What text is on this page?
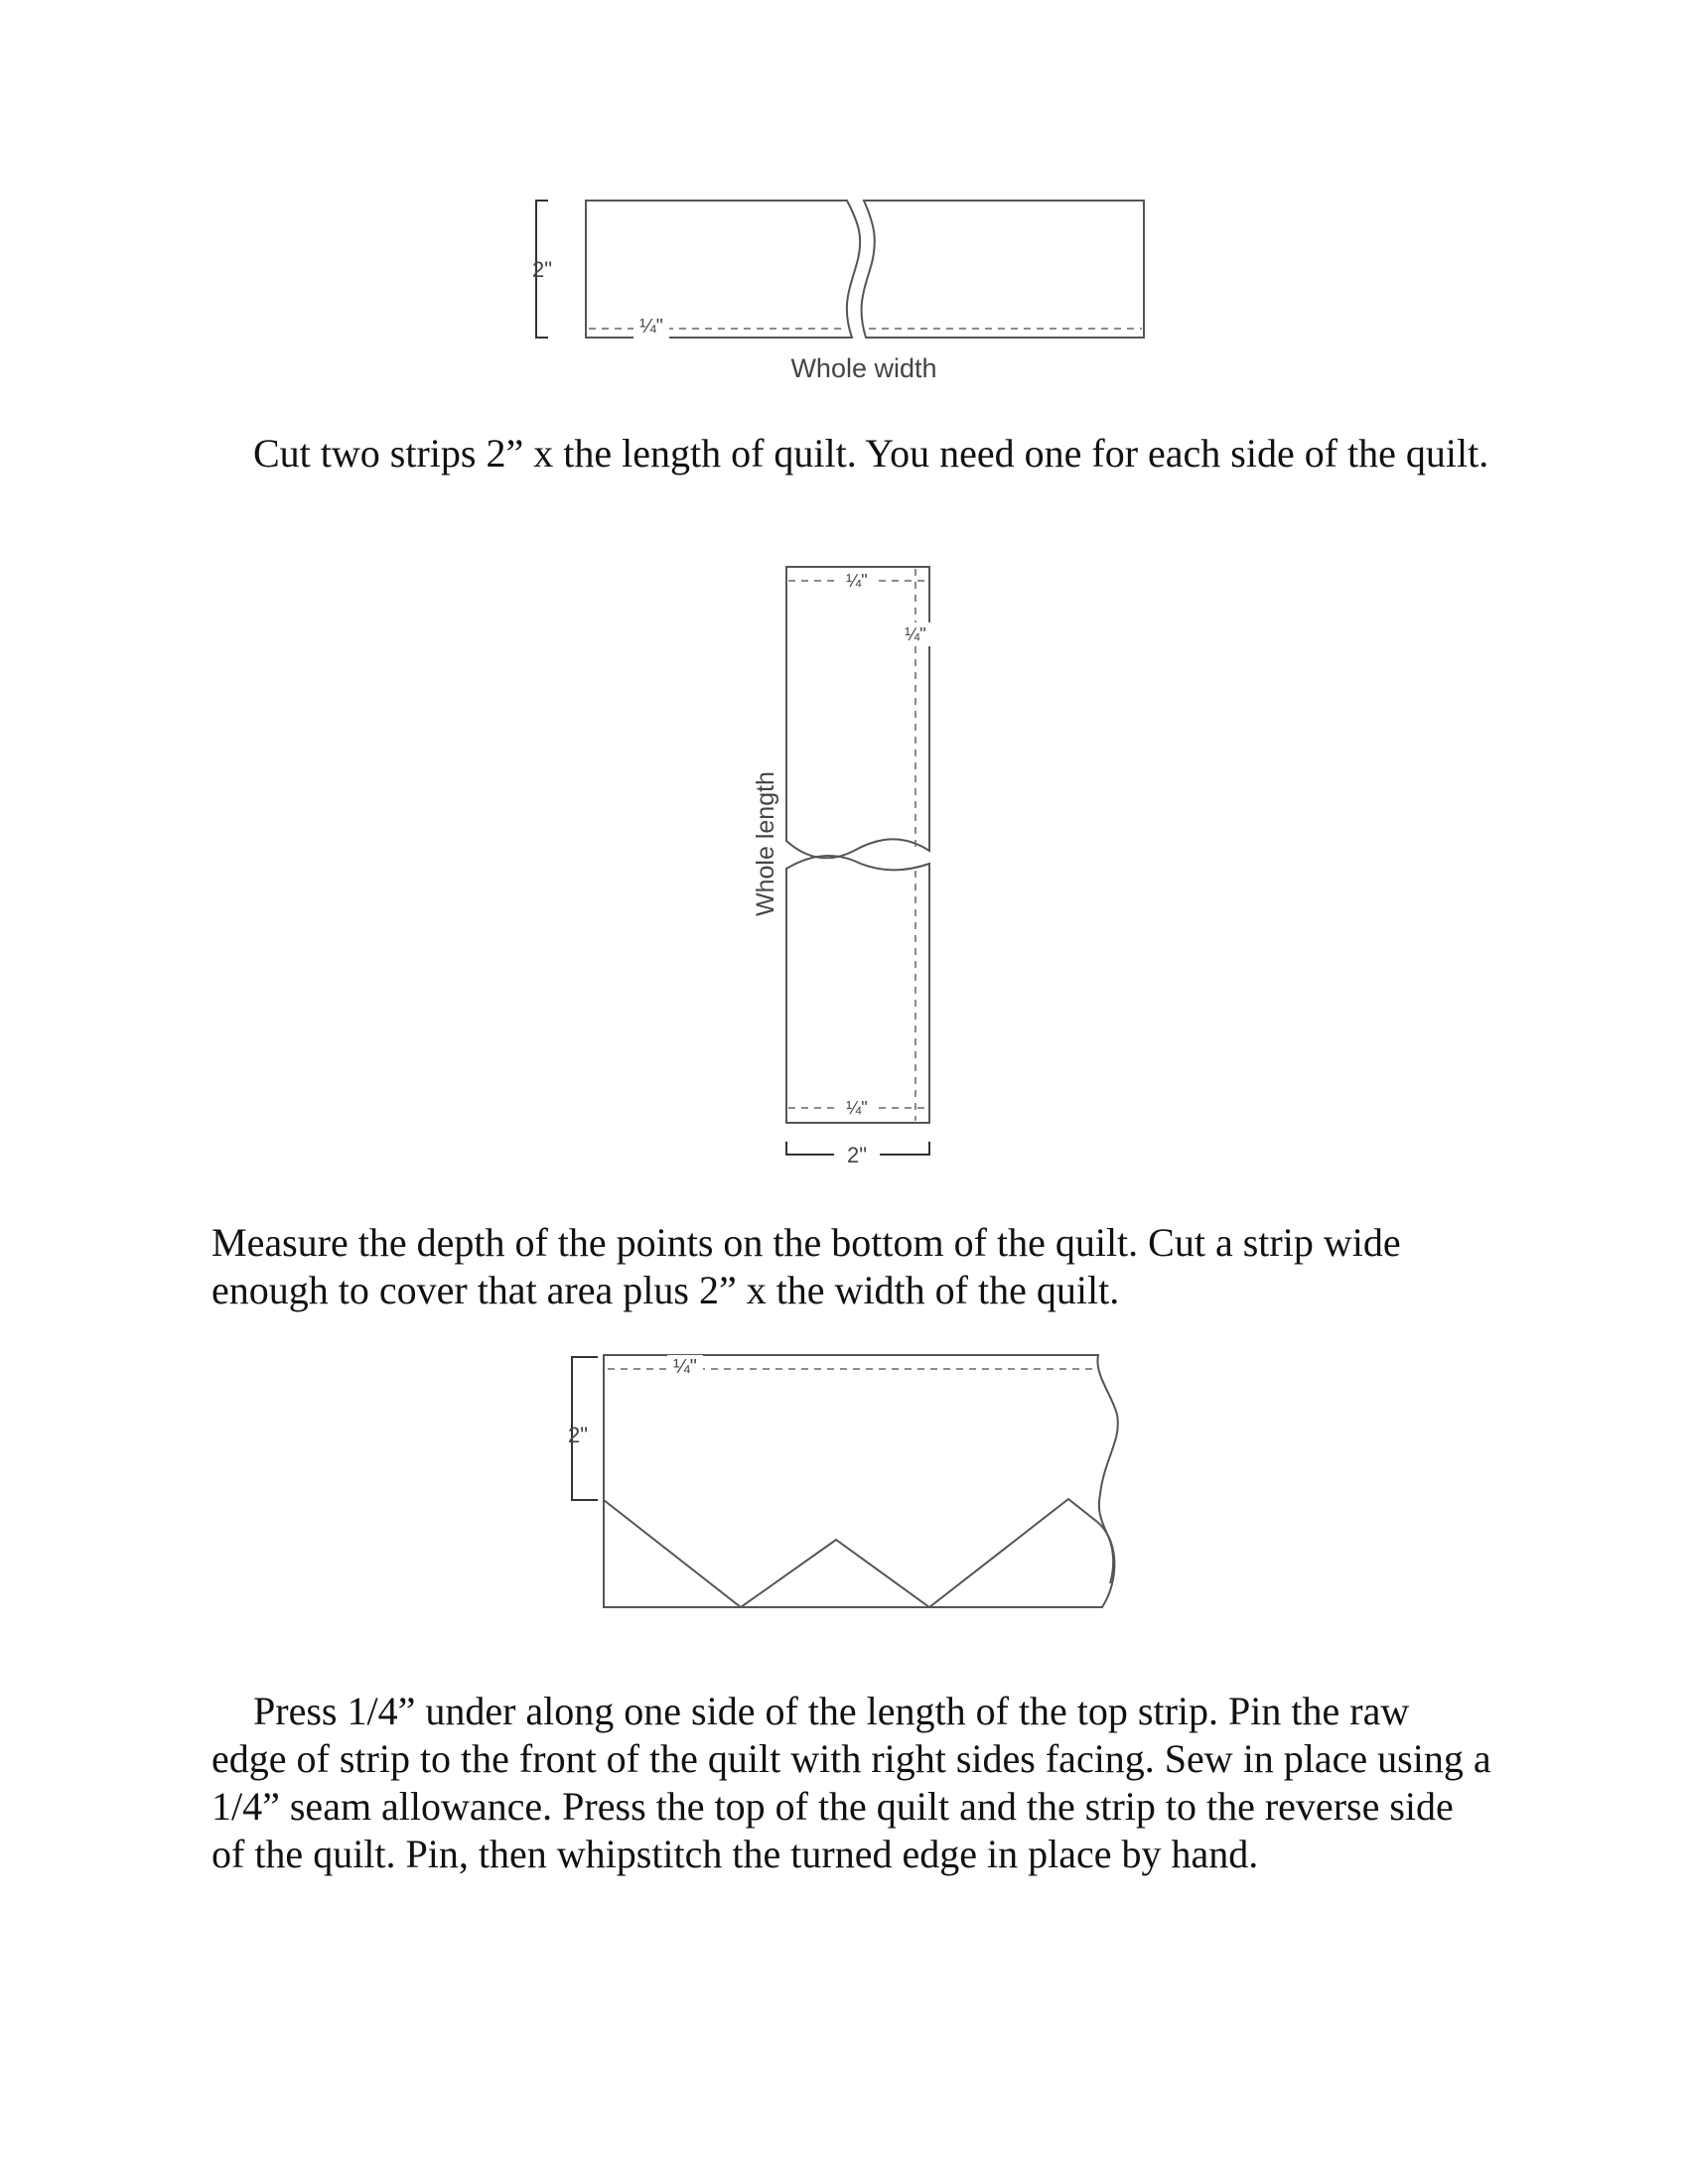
2"
¼"
Whole width

Cut two strips 2” x the length of quilt. You need one for each side of the quilt.

¼"
¼"
¼"
Whole length
2"

Measure the depth of the points on the bottom of the quilt. Cut a strip wide enough to cover that area plus 2” x the width of the quilt.

2"
¼"

Press 1/4” under along one side of the length of the top strip. Pin the raw edge of strip to the front of the quilt with right sides facing. Sew in place using a 1/4” seam allowance. Press the top of the quilt and the strip to the reverse side of the quilt. Pin, then whipstitch the turned edge in place by hand.
